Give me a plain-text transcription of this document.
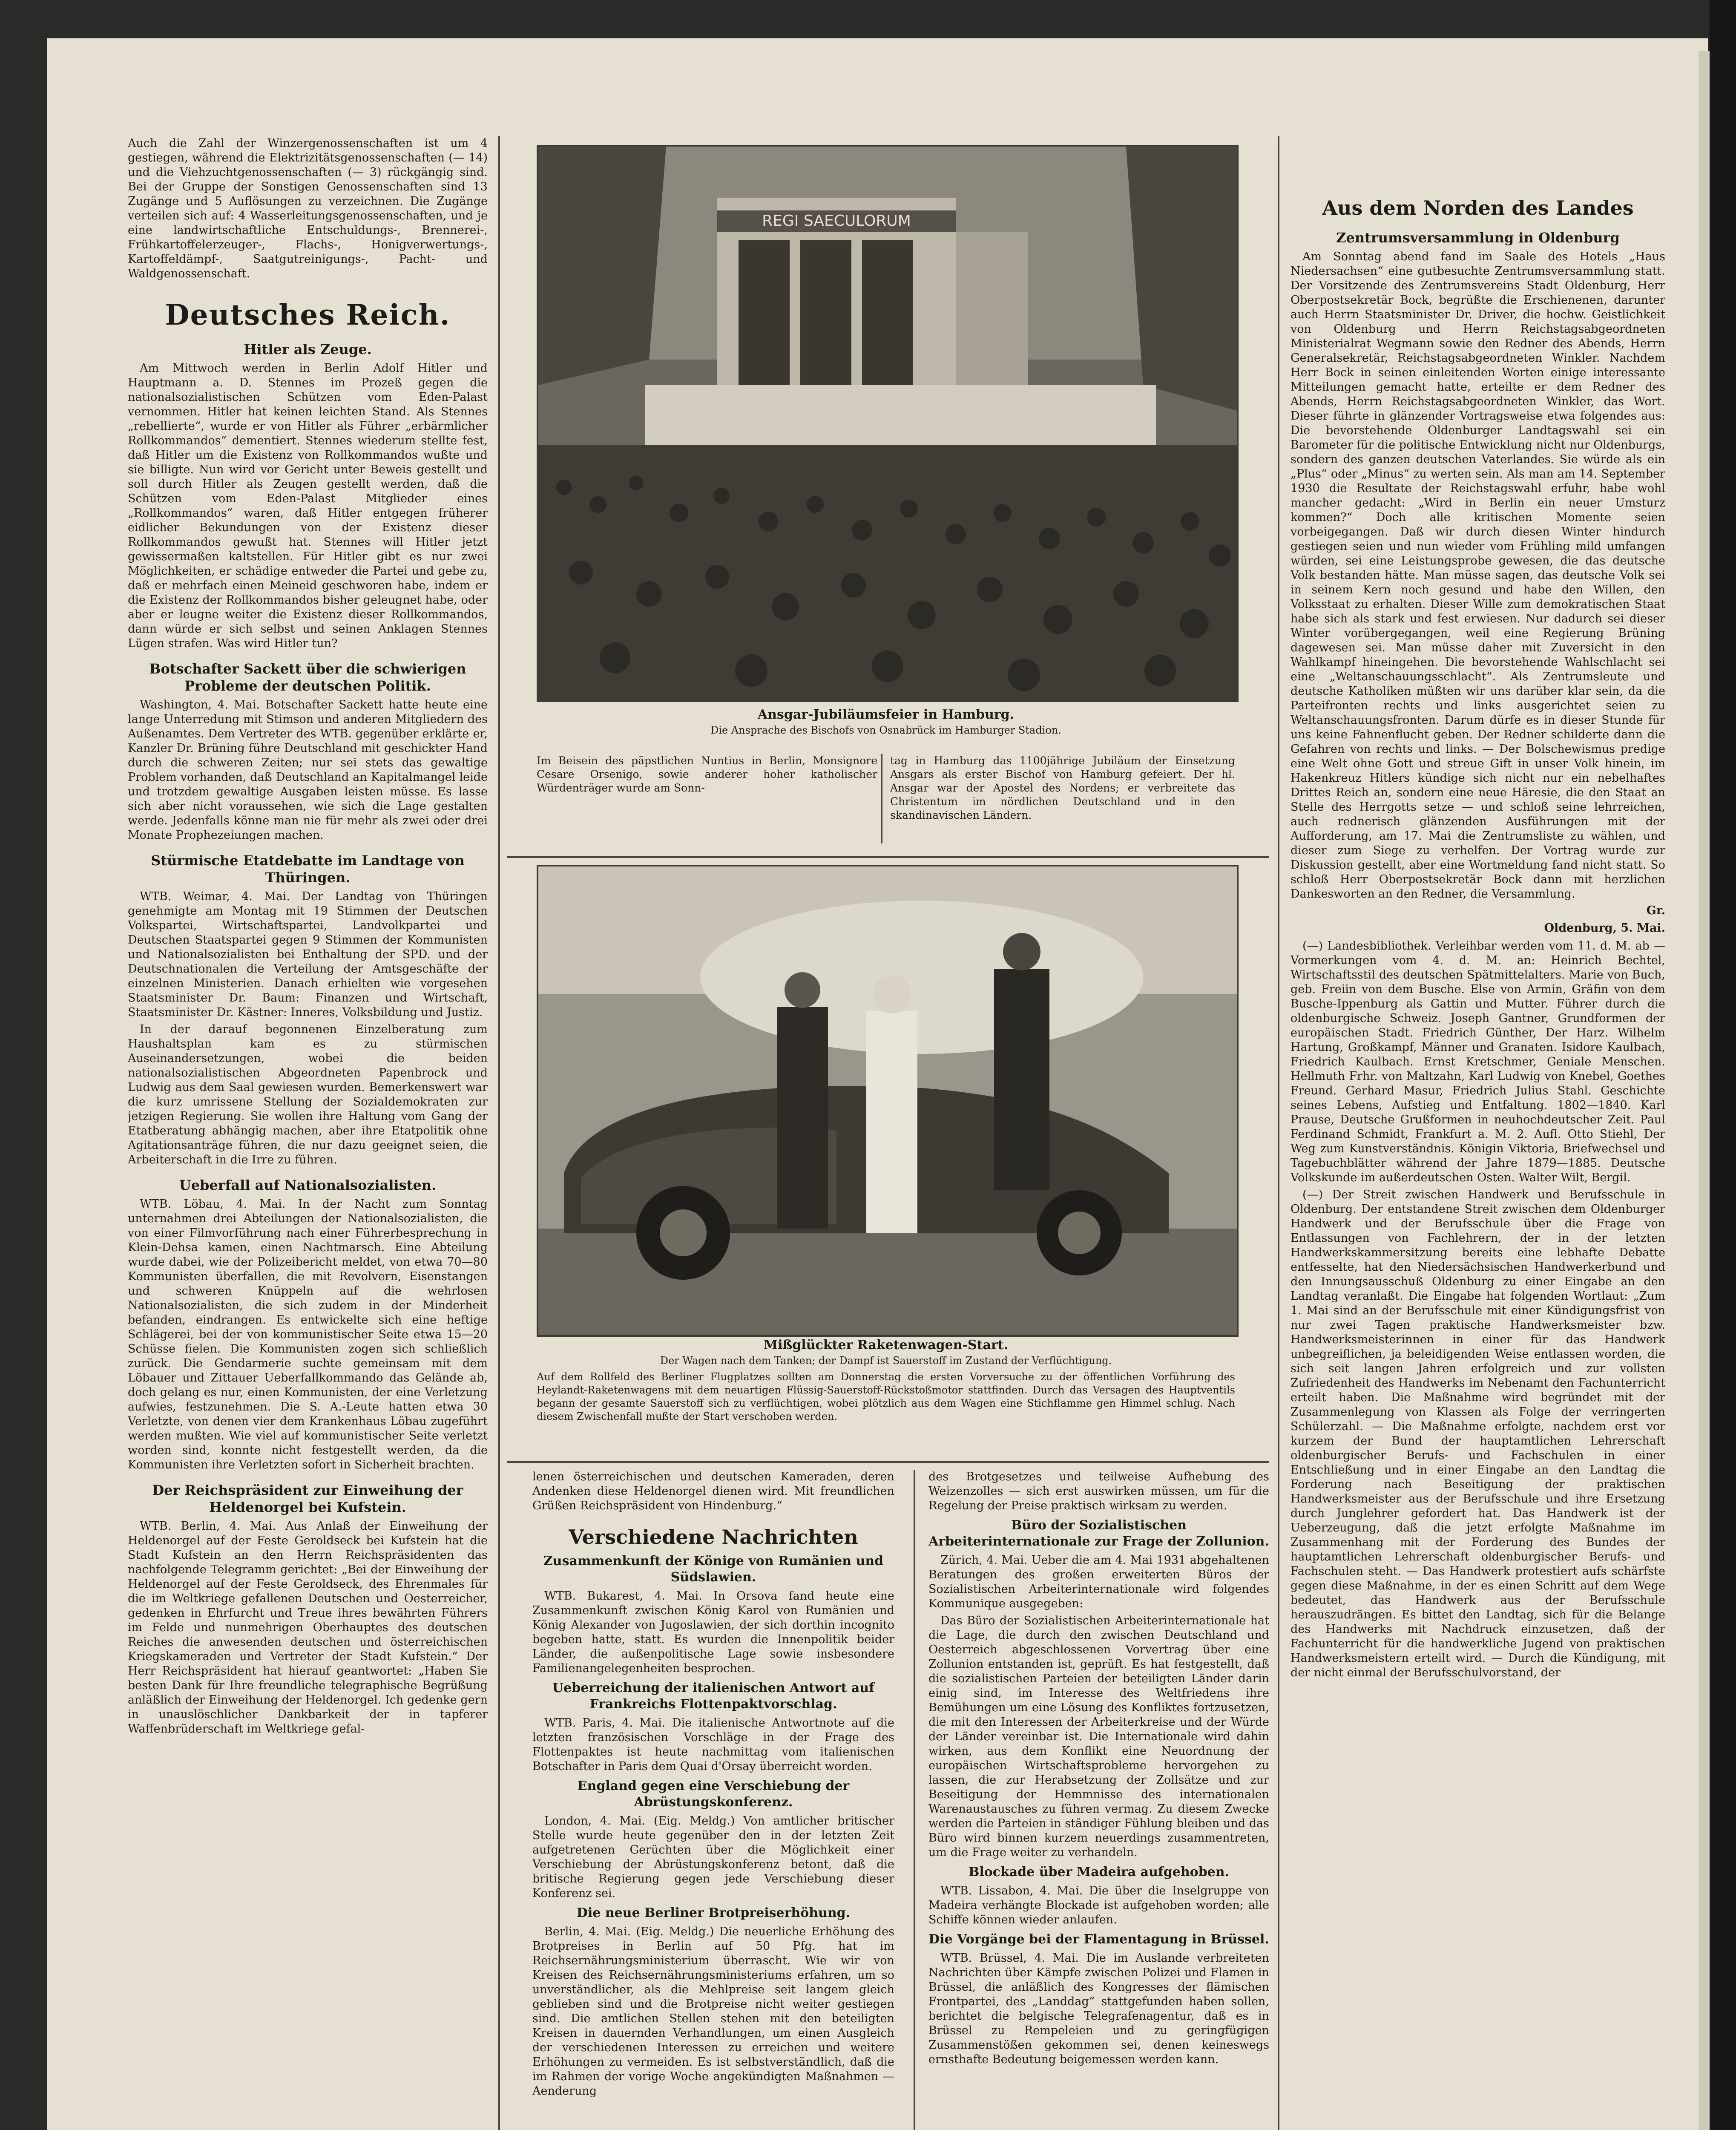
Auch die Zahl der Winzergenossenschaften ist um 4 gestiegen, während die Elektrizitätsgenossenschaften (— 14) und die Viehzuchtgenossenschaften (— 3) rückgängig sind. Bei der Gruppe der Sonstigen Genossenschaften sind 13 Zugänge und 5 Auflösungen zu verzeichnen. Die Zugänge verteilen sich auf: 4 Wasserleitungsgenossenschaften, und je eine landwirtschaftliche Entschuldungs-, Brennerei-, Frühkartoffelerzeuger-, Flachs-, Honigverwertungs-, Kartoffeldämpf-, Saatgutreinigungs-, Pacht- und Waldgenossenschaft.

Deutsches Reich.
Hitler als Zeuge.

Am Mittwoch werden in Berlin Adolf Hitler und Hauptmann a. D. Stennes im Prozeß gegen die nationalsozialistischen Schützen vom Eden-Palast vernommen. Hitler hat keinen leichten Stand. Als Stennes „rebellierte“, wurde er von Hitler als Führer „erbärmlicher Rollkommandos“ dementiert. Stennes wiederum stellte fest, daß Hitler um die Existenz von Rollkommandos wußte und sie billigte. Nun wird vor Gericht unter Beweis gestellt und soll durch Hitler als Zeugen gestellt werden, daß die Schützen vom Eden-Palast Mitglieder eines „Rollkommandos“ waren, daß Hitler entgegen früherer eidlicher Bekundungen von der Existenz dieser Rollkommandos gewußt hat. Stennes will Hitler jetzt gewissermaßen kaltstellen. Für Hitler gibt es nur zwei Möglichkeiten, er schädige entweder die Partei und gebe zu, daß er mehrfach einen Meineid geschworen habe, indem er die Existenz der Rollkommandos bisher geleugnet habe, oder aber er leugne weiter die Existenz dieser Rollkommandos, dann würde er sich selbst und seinen Anklagen Stennes Lügen strafen. Was wird Hitler tun?

Botschafter Sackett über die schwierigen Probleme der deutschen Politik.

Washington, 4. Mai. Botschafter Sackett hatte heute eine lange Unterredung mit Stimson und anderen Mitgliedern des Außenamtes. Dem Vertreter des WTB. gegenüber erklärte er, Kanzler Dr. Brüning führe Deutschland mit geschickter Hand durch die schweren Zeiten; nur sei stets das gewaltige Problem vorhanden, daß Deutschland an Kapitalmangel leide und trotzdem gewaltige Ausgaben leisten müsse. Es lasse sich aber nicht voraussehen, wie sich die Lage gestalten werde. Jedenfalls könne man nie für mehr als zwei oder drei Monate Prophezeiungen machen.

Stürmische Etatdebatte im Landtage von Thüringen.

WTB. Weimar, 4. Mai. Der Landtag von Thüringen genehmigte am Montag mit 19 Stimmen der Deutschen Volkspartei, Wirtschaftspartei, Landvolkpartei und Deutschen Staatspartei gegen 9 Stimmen der Kommunisten und Nationalsozialisten bei Enthaltung der SPD. und der Deutschnationalen die Verteilung der Amtsgeschäfte der einzelnen Ministerien. Danach erhielten wie vorgesehen Staatsminister Dr. Baum: Finanzen und Wirtschaft, Staatsminister Dr. Kästner: Inneres, Volksbildung und Justiz.

In der darauf begonnenen Einzelberatung zum Haushaltsplan kam es zu stürmischen Auseinandersetzungen, wobei die beiden nationalsozialistischen Abgeordneten Papenbrock und Ludwig aus dem Saal gewiesen wurden. Bemerkenswert war die kurz umrissene Stellung der Sozialdemokraten zur jetzigen Regierung. Sie wollen ihre Haltung vom Gang der Etatberatung abhängig machen, aber ihre Etatpolitik ohne Agitationsanträge führen, die nur dazu geeignet seien, die Arbeiterschaft in die Irre zu führen.

Ueberfall auf Nationalsozialisten.

WTB. Löbau, 4. Mai. In der Nacht zum Sonntag unternahmen drei Abteilungen der Nationalsozialisten, die von einer Filmvorführung nach einer Führerbesprechung in Klein-Dehsa kamen, einen Nachtmarsch. Eine Abteilung wurde dabei, wie der Polizeibericht meldet, von etwa 70—80 Kommunisten überfallen, die mit Revolvern, Eisenstangen und schweren Knüppeln auf die wehrlosen Nationalsozialisten, die sich zudem in der Minderheit befanden, eindrangen. Es entwickelte sich eine heftige Schlägerei, bei der von kommunistischer Seite etwa 15—20 Schüsse fielen. Die Kommunisten zogen sich schließlich zurück. Die Gendarmerie suchte gemeinsam mit dem Löbauer und Zittauer Ueberfallkommando das Gelände ab, doch gelang es nur, einen Kommunisten, der eine Verletzung aufwies, festzunehmen. Die S. A.-Leute hatten etwa 30 Verletzte, von denen vier dem Krankenhaus Löbau zugeführt werden mußten. Wie viel auf kommunistischer Seite verletzt worden sind, konnte nicht festgestellt werden, da die Kommunisten ihre Verletzten sofort in Sicherheit brachten.

Der Reichspräsident zur Einweihung der Heldenorgel bei Kufstein.

WTB. Berlin, 4. Mai. Aus Anlaß der Einweihung der Heldenorgel auf der Feste Geroldseck bei Kufstein hat die Stadt Kufstein an den Herrn Reichspräsidenten das nachfolgende Telegramm gerichtet: „Bei der Einweihung der Heldenorgel auf der Feste Geroldseck, des Ehrenmales für die im Weltkriege gefallenen Deutschen und Oesterreicher, gedenken in Ehrfurcht und Treue ihres bewährten Führers im Felde und nunmehrigen Oberhauptes des deutschen Reiches die anwesenden deutschen und österreichischen Kriegskameraden und Vertreter der Stadt Kufstein.“ Der Herr Reichspräsident hat hierauf geantwortet: „Haben Sie besten Dank für Ihre freundliche telegraphische Begrüßung anläßlich der Einweihung der Heldenorgel. Ich gedenke gern in unauslöschlicher Dankbarkeit der in tapferer Waffenbrüderschaft im Weltkriege gefal-

REGI SAECULORUM
Ansgar-Jubiläumsfeier in Hamburg.
Die Ansprache des Bischofs von Osnabrück im Hamburger Stadion.

Im Beisein des päpstlichen Nuntius in Berlin, Monsignore Cesare Orsenigo, sowie anderer hoher katholischer Würdenträger wurde am Sonn-

tag in Hamburg das 1100jährige Jubiläum der Einsetzung Ansgars als erster Bischof von Hamburg gefeiert. Der hl. Ansgar war der Apostel des Nordens; er verbreitete das Christentum im nördlichen Deutschland und in den skandinavischen Ländern.

Mißglückter Raketenwagen-Start.
Der Wagen nach dem Tanken; der Dampf ist Sauerstoff im Zustand der Verflüchtigung.

Auf dem Rollfeld des Berliner Flugplatzes sollten am Donnerstag die ersten Vorversuche zu der öffentlichen Vorführung des Heylandt-Raketenwagens mit dem neuartigen Flüssig-Sauerstoff-Rückstoßmotor stattfinden. Durch das Versagen des Hauptventils begann der gesamte Sauerstoff sich zu verflüchtigen, wobei plötzlich aus dem Wagen eine Stichflamme gen Himmel schlug. Nach diesem Zwischenfall mußte der Start verschoben werden.

lenen österreichischen und deutschen Kameraden, deren Andenken diese Heldenorgel dienen wird. Mit freundlichen Grüßen Reichspräsident von Hindenburg.“

Verschiedene Nachrichten
Zusammenkunft der Könige von Rumänien und Südslawien.

WTB. Bukarest, 4. Mai. In Orsova fand heute eine Zusammenkunft zwischen König Karol von Rumänien und König Alexander von Jugoslawien, der sich dorthin incognito begeben hatte, statt. Es wurden die Innenpolitik beider Länder, die außenpolitische Lage sowie insbesondere Familienangelegenheiten besprochen.

Ueberreichung der italienischen Antwort auf Frankreichs Flottenpaktvorschlag.

WTB. Paris, 4. Mai. Die italienische Antwortnote auf die letzten französischen Vorschläge in der Frage des Flottenpaktes ist heute nachmittag vom italienischen Botschafter in Paris dem Quai d'Orsay überreicht worden.

England gegen eine Verschiebung der Abrüstungskonferenz.

London, 4. Mai. (Eig. Meldg.) Von amtlicher britischer Stelle wurde heute gegenüber den in der letzten Zeit aufgetretenen Gerüchten über die Möglichkeit einer Verschiebung der Abrüstungskonferenz betont, daß die britische Regierung gegen jede Verschiebung dieser Konferenz sei.

Die neue Berliner Brotpreiserhöhung.

Berlin, 4. Mai. (Eig. Meldg.) Die neuerliche Erhöhung des Brotpreises in Berlin auf 50 Pfg. hat im Reichsernährungsministerium überrascht. Wie wir von Kreisen des Reichsernährungsministeriums erfahren, um so unverständlicher, als die Mehlpreise seit langem gleich geblieben sind und die Brotpreise nicht weiter gestiegen sind. Die amtlichen Stellen stehen mit den beteiligten Kreisen in dauernden Verhandlungen, um einen Ausgleich der verschiedenen Interessen zu erreichen und weitere Erhöhungen zu vermeiden. Es ist selbstverständlich, daß die im Rahmen der vorige Woche angekündigten Maßnahmen — Aenderung

des Brotgesetzes und teilweise Aufhebung des Weizenzolles — sich erst auswirken müssen, um für die Regelung der Preise praktisch wirksam zu werden.

Büro der Sozialistischen Arbeiterinternationale zur Frage der Zollunion.

Zürich, 4. Mai. Ueber die am 4. Mai 1931 abgehaltenen Beratungen des großen erweiterten Büros der Sozialistischen Arbeiterinternationale wird folgendes Kommunique ausgegeben:

Das Büro der Sozialistischen Arbeiterinternationale hat die Lage, die durch den zwischen Deutschland und Oesterreich abgeschlossenen Vorvertrag über eine Zollunion entstanden ist, geprüft. Es hat festgestellt, daß die sozialistischen Parteien der beteiligten Länder darin einig sind, im Interesse des Weltfriedens ihre Bemühungen um eine Lösung des Konfliktes fortzusetzen, die mit den Interessen der Arbeiterkreise und der Würde der Länder vereinbar ist. Die Internationale wird dahin wirken, aus dem Konflikt eine Neuordnung der europäischen Wirtschaftsprobleme hervorgehen zu lassen, die zur Herabsetzung der Zollsätze und zur Beseitigung der Hemmnisse des internationalen Warenaustausches zu führen vermag. Zu diesem Zwecke werden die Parteien in ständiger Fühlung bleiben und das Büro wird binnen kurzem neuerdings zusammentreten, um die Frage weiter zu verhandeln.

Blockade über Madeira aufgehoben.

WTB. Lissabon, 4. Mai. Die über die Inselgruppe von Madeira verhängte Blockade ist aufgehoben worden; alle Schiffe können wieder anlaufen.

Die Vorgänge bei der Flamentagung in Brüssel.

WTB. Brüssel, 4. Mai. Die im Auslande verbreiteten Nachrichten über Kämpfe zwischen Polizei und Flamen in Brüssel, die anläßlich des Kongresses der flämischen Frontpartei, des „Landdag“ stattgefunden haben sollen, berichtet die belgische Telegrafenagentur, daß es in Brüssel zu Rempeleien und zu geringfügigen Zusammenstößen gekommen sei, denen keineswegs ernsthafte Bedeutung beigemessen werden kann.

Aus dem Norden des Landes
Zentrumsversammlung in Oldenburg

Am Sonntag abend fand im Saale des Hotels „Haus Niedersachsen“ eine gutbesuchte Zentrumsversammlung statt. Der Vorsitzende des Zentrumsvereins Stadt Oldenburg, Herr Oberpostsekretär Bock, begrüßte die Erschienenen, darunter auch Herrn Staatsminister Dr. Driver, die hochw. Geistlichkeit von Oldenburg und Herrn Reichstagsabgeordneten Ministerialrat Wegmann sowie den Redner des Abends, Herrn Generalsekretär, Reichstagsabgeordneten Winkler. Nachdem Herr Bock in seinen einleitenden Worten einige interessante Mitteilungen gemacht hatte, erteilte er dem Redner des Abends, Herrn Reichstagsabgeordneten Winkler, das Wort. Dieser führte in glänzender Vortragsweise etwa folgendes aus: Die bevorstehende Oldenburger Landtagswahl sei ein Barometer für die politische Entwicklung nicht nur Oldenburgs, sondern des ganzen deutschen Vaterlandes. Sie würde als ein „Plus“ oder „Minus“ zu werten sein. Als man am 14. September 1930 die Resultate der Reichstagswahl erfuhr, habe wohl mancher gedacht: „Wird in Berlin ein neuer Umsturz kommen?“ Doch alle kritischen Momente seien vorbeigegangen. Daß wir durch diesen Winter hindurch gestiegen seien und nun wieder vom Frühling mild umfangen würden, sei eine Leistungsprobe gewesen, die das deutsche Volk bestanden hätte. Man müsse sagen, das deutsche Volk sei in seinem Kern noch gesund und habe den Willen, den Volksstaat zu erhalten. Dieser Wille zum demokratischen Staat habe sich als stark und fest erwiesen. Nur dadurch sei dieser Winter vorübergegangen, weil eine Regierung Brüning dagewesen sei. Man müsse daher mit Zuversicht in den Wahlkampf hineingehen. Die bevorstehende Wahlschlacht sei eine „Weltanschauungsschlacht“. Als Zentrumsleute und deutsche Katholiken müßten wir uns darüber klar sein, da die Parteifronten rechts und links ausgerichtet seien zu Weltanschauungsfronten. Darum dürfe es in dieser Stunde für uns keine Fahnenflucht geben. Der Redner schilderte dann die Gefahren von rechts und links. — Der Bolschewismus predige eine Welt ohne Gott und streue Gift in unser Volk hinein, im Hakenkreuz Hitlers kündige sich nicht nur ein nebelhaftes Drittes Reich an, sondern eine neue Häresie, die den Staat an Stelle des Herrgotts setze — und schloß seine lehrreichen, auch rednerisch glänzenden Ausführungen mit der Aufforderung, am 17. Mai die Zentrumsliste zu wählen, und dieser zum Siege zu verhelfen. Der Vortrag wurde zur Diskussion gestellt, aber eine Wortmeldung fand nicht statt. So schloß Herr Oberpostsekretär Bock dann mit herzlichen Dankesworten an den Redner, die Versammlung.

Gr.
Oldenburg, 5. Mai.

(—) Landesbibliothek. Verleihbar werden vom 11. d. M. ab — Vormerkungen vom 4. d. M. an: Heinrich Bechtel, Wirtschaftsstil des deutschen Spätmittelalters. Marie von Buch, geb. Freiin von dem Busche. Else von Armin, Gräfin von dem Busche-Ippenburg als Gattin und Mutter. Führer durch die oldenburgische Schweiz. Joseph Gantner, Grundformen der europäischen Stadt. Friedrich Günther, Der Harz. Wilhelm Hartung, Großkampf, Männer und Granaten. Isidore Kaulbach, Friedrich Kaulbach. Ernst Kretschmer, Geniale Menschen. Hellmuth Frhr. von Maltzahn, Karl Ludwig von Knebel, Goethes Freund. Gerhard Masur, Friedrich Julius Stahl. Geschichte seines Lebens, Aufstieg und Entfaltung. 1802—1840. Karl Prause, Deutsche Grußformen in neuhochdeutscher Zeit. Paul Ferdinand Schmidt, Frankfurt a. M. 2. Aufl. Otto Stiehl, Der Weg zum Kunstverständnis. Königin Viktoria, Briefwechsel und Tagebuchblätter während der Jahre 1879—1885. Deutsche Volkskunde im außerdeutschen Osten. Walter Wilt, Bergil.

(—) Der Streit zwischen Handwerk und Berufsschule in Oldenburg. Der entstandene Streit zwischen dem Oldenburger Handwerk und der Berufsschule über die Frage von Entlassungen von Fachlehrern, der in der letzten Handwerkskammersitzung bereits eine lebhafte Debatte entfesselte, hat den Niedersächsischen Handwerkerbund und den Innungsausschuß Oldenburg zu einer Eingabe an den Landtag veranlaßt. Die Eingabe hat folgenden Wortlaut: „Zum 1. Mai sind an der Berufsschule mit einer Kündigungsfrist von nur zwei Tagen praktische Handwerksmeister bzw. Handwerksmeisterinnen in einer für das Handwerk unbegreiflichen, ja beleidigenden Weise entlassen worden, die sich seit langen Jahren erfolgreich und zur vollsten Zufriedenheit des Handwerks im Nebenamt den Fachunterricht erteilt haben. Die Maßnahme wird begründet mit der Zusammenlegung von Klassen als Folge der verringerten Schülerzahl. — Die Maßnahme erfolgte, nachdem erst vor kurzem der Bund der hauptamtlichen Lehrerschaft oldenburgischer Berufs- und Fachschulen in einer Entschließung und in einer Eingabe an den Landtag die Forderung nach Beseitigung der praktischen Handwerksmeister aus der Berufsschule und ihre Ersetzung durch Junglehrer gefordert hat. Das Handwerk ist der Ueberzeugung, daß die jetzt erfolgte Maßnahme im Zusammenhang mit der Forderung des Bundes der hauptamtlichen Lehrerschaft oldenburgischer Berufs- und Fachschulen steht. — Das Handwerk protestiert aufs schärfste gegen diese Maßnahme, in der es einen Schritt auf dem Wege bedeutet, das Handwerk aus der Berufsschule herauszudrängen. Es bittet den Landtag, sich für die Belange des Handwerks mit Nachdruck einzusetzen, daß der Fachunterricht für die handwerkliche Jugend von praktischen Handwerksmeistern erteilt wird. — Durch die Kündigung, mit der nicht einmal der Berufsschulvorstand, der
